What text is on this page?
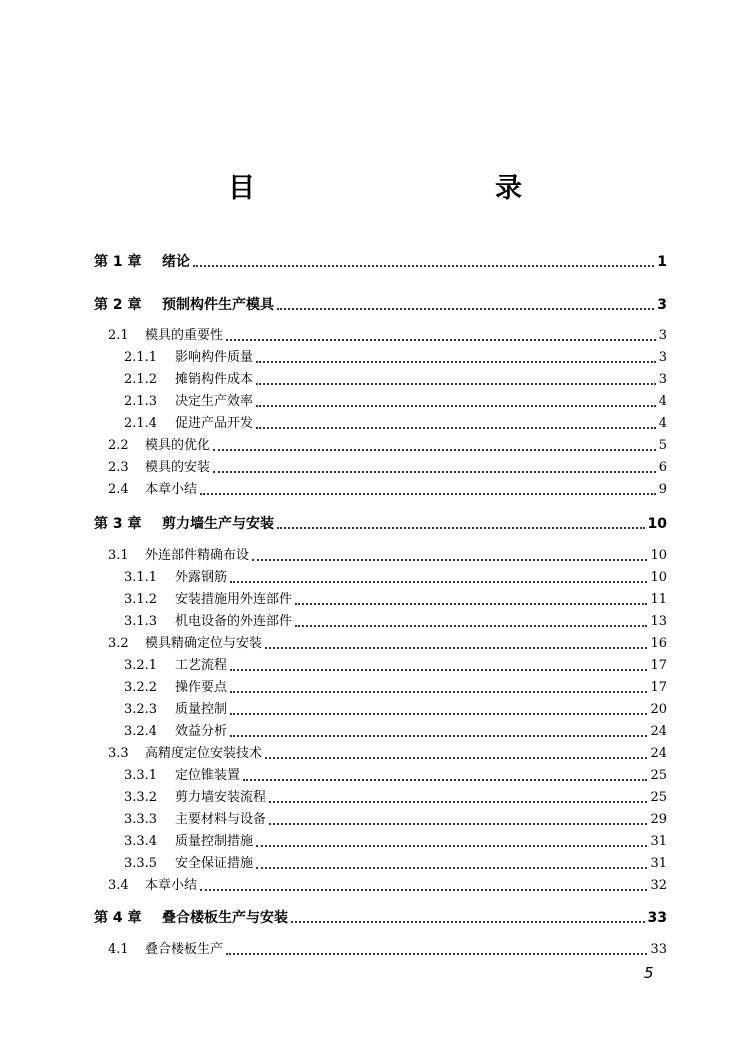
目　　录
第 1 章	绪论	1
第 2 章	预制构件生产模具	3
2.1	模具的重要性	3
2.1.1	影响构件质量	3
2.1.2	摊销构件成本	3
2.1.3	决定生产效率	4
2.1.4	促进产品开发	4
2.2	模具的优化	5
2.3	模具的安装	6
2.4	本章小结	9
第 3 章	剪力墙生产与安装	10
3.1	外连部件精确布设	10
3.1.1	外露钢筋	10
3.1.2	安装措施用外连部件	11
3.1.3	机电设备的外连部件	13
3.2	模具精确定位与安装	16
3.2.1	工艺流程	17
3.2.2	操作要点	17
3.2.3	质量控制	20
3.2.4	效益分析	24
3.3	高精度定位安装技术	24
3.3.1	定位锥装置	25
3.3.2	剪力墙安装流程	25
3.3.3	主要材料与设备	29
3.3.4	质量控制措施	31
3.3.5	安全保证措施	31
3.4	本章小结	32
第 4 章	叠合楼板生产与安装	33
4.1	叠合楼板生产	33
5
